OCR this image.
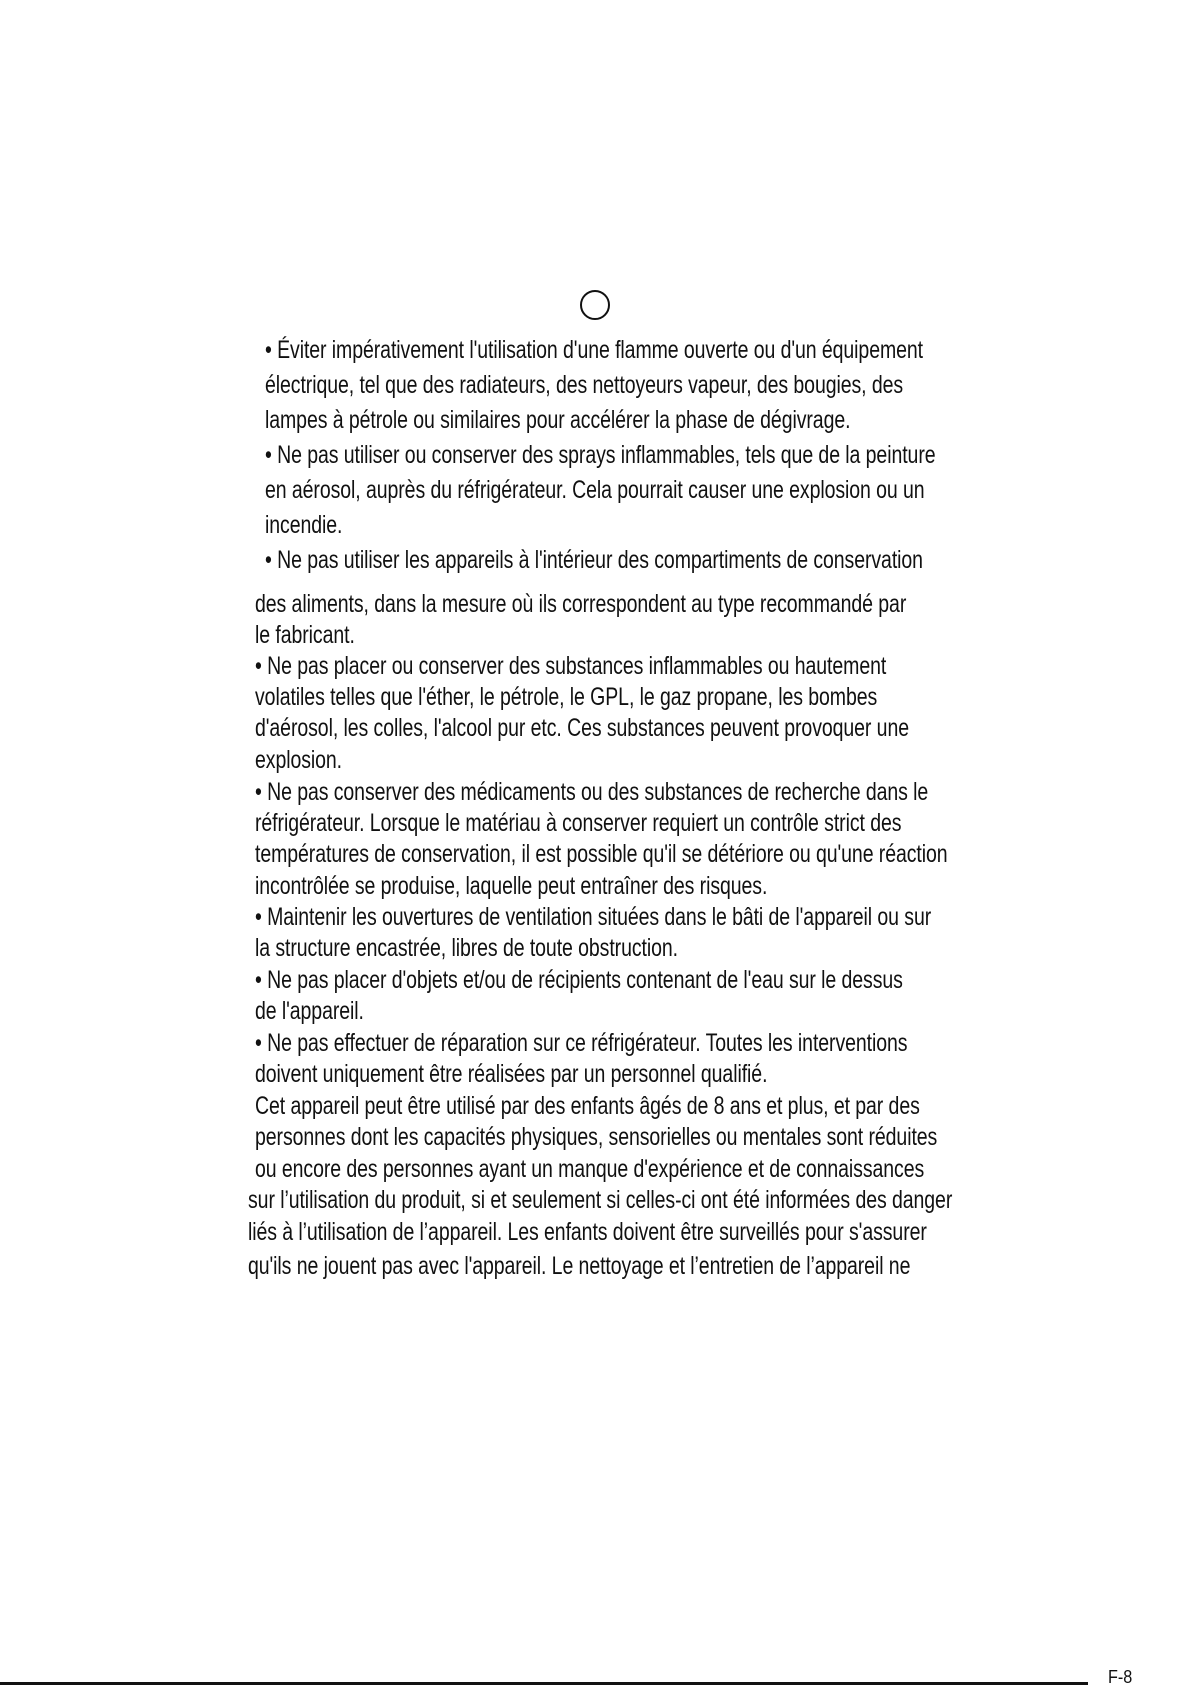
• Éviter impérativement l'utilisation d'une flamme ouverte ou d'un équipement
électrique, tel que des radiateurs, des nettoyeurs vapeur, des bougies, des
lampes à pétrole ou similaires pour accélérer la phase de dégivrage.
• Ne pas utiliser ou conserver des sprays inflammables, tels que de la peinture
en aérosol, auprès du réfrigérateur. Cela pourrait causer une explosion ou un
incendie.
• Ne pas utiliser les appareils à l'intérieur des compartiments de conservation
des aliments, dans la mesure où ils correspondent au type recommandé par
le fabricant.
• Ne pas placer ou conserver des substances inflammables ou hautement
volatiles telles que l'éther, le pétrole, le GPL, le gaz propane, les bombes
d'aérosol, les colles, l'alcool pur etc. Ces substances peuvent provoquer une
explosion.
• Ne pas conserver des médicaments ou des substances de recherche dans le
réfrigérateur. Lorsque le matériau à conserver requiert un contrôle strict des
températures de conservation, il est possible qu'il se détériore ou qu'une réaction
incontrôlée se produise, laquelle peut entraîner des risques.
• Maintenir les ouvertures de ventilation situées dans le bâti de l'appareil ou sur
la structure encastrée, libres de toute obstruction.
• Ne pas placer d'objets et/ou de récipients contenant de l'eau sur le dessus
de l'appareil.
• Ne pas effectuer de réparation sur ce réfrigérateur. Toutes les interventions
doivent uniquement être réalisées par un personnel qualifié.
Cet appareil peut être utilisé par des enfants âgés de 8 ans et plus, et par des
personnes dont les capacités physiques, sensorielles ou mentales sont réduites
ou encore des personnes ayant un manque d'expérience et de connaissances
sur l’utilisation du produit, si et seulement si celles-ci ont été informées des danger
liés à l’utilisation de l’appareil. Les enfants doivent être surveillés pour s'assurer
qu'ils ne jouent pas avec l'appareil. Le nettoyage et l’entretien de l’appareil ne
F-8
